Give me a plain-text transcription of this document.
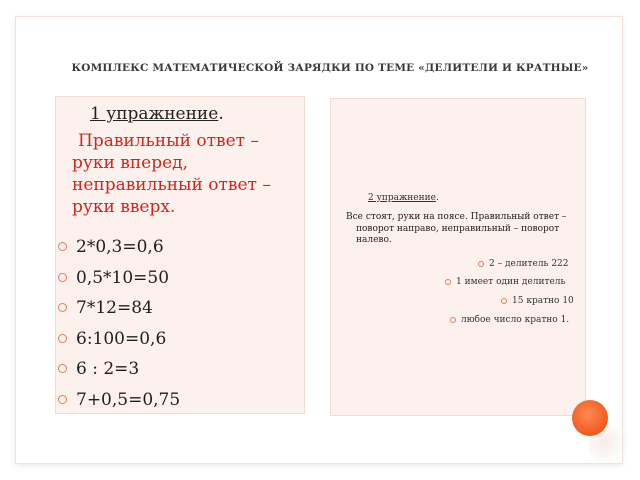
КОМПЛЕКС МАТЕМАТИЧЕСКОЙ ЗАРЯДКИ ПО ТЕМЕ «ДЕЛИТЕЛИ И КРАТНЫЕ»
1 упражнение.
Правильный ответ – руки вперед, неправильный ответ – руки вверх.
2*0,3=0,6
0,5*10=50
7*12=84
6:100=0,6
6 : 2=3
7+0,5=0,75
2 упражнение.
Все стоят, руки на поясе. Правильный ответ – поворот направо, неправильный – поворот налево.
2 – делитель 222
1 имеет один делитель
15 кратно 10
любое число кратно 1.
